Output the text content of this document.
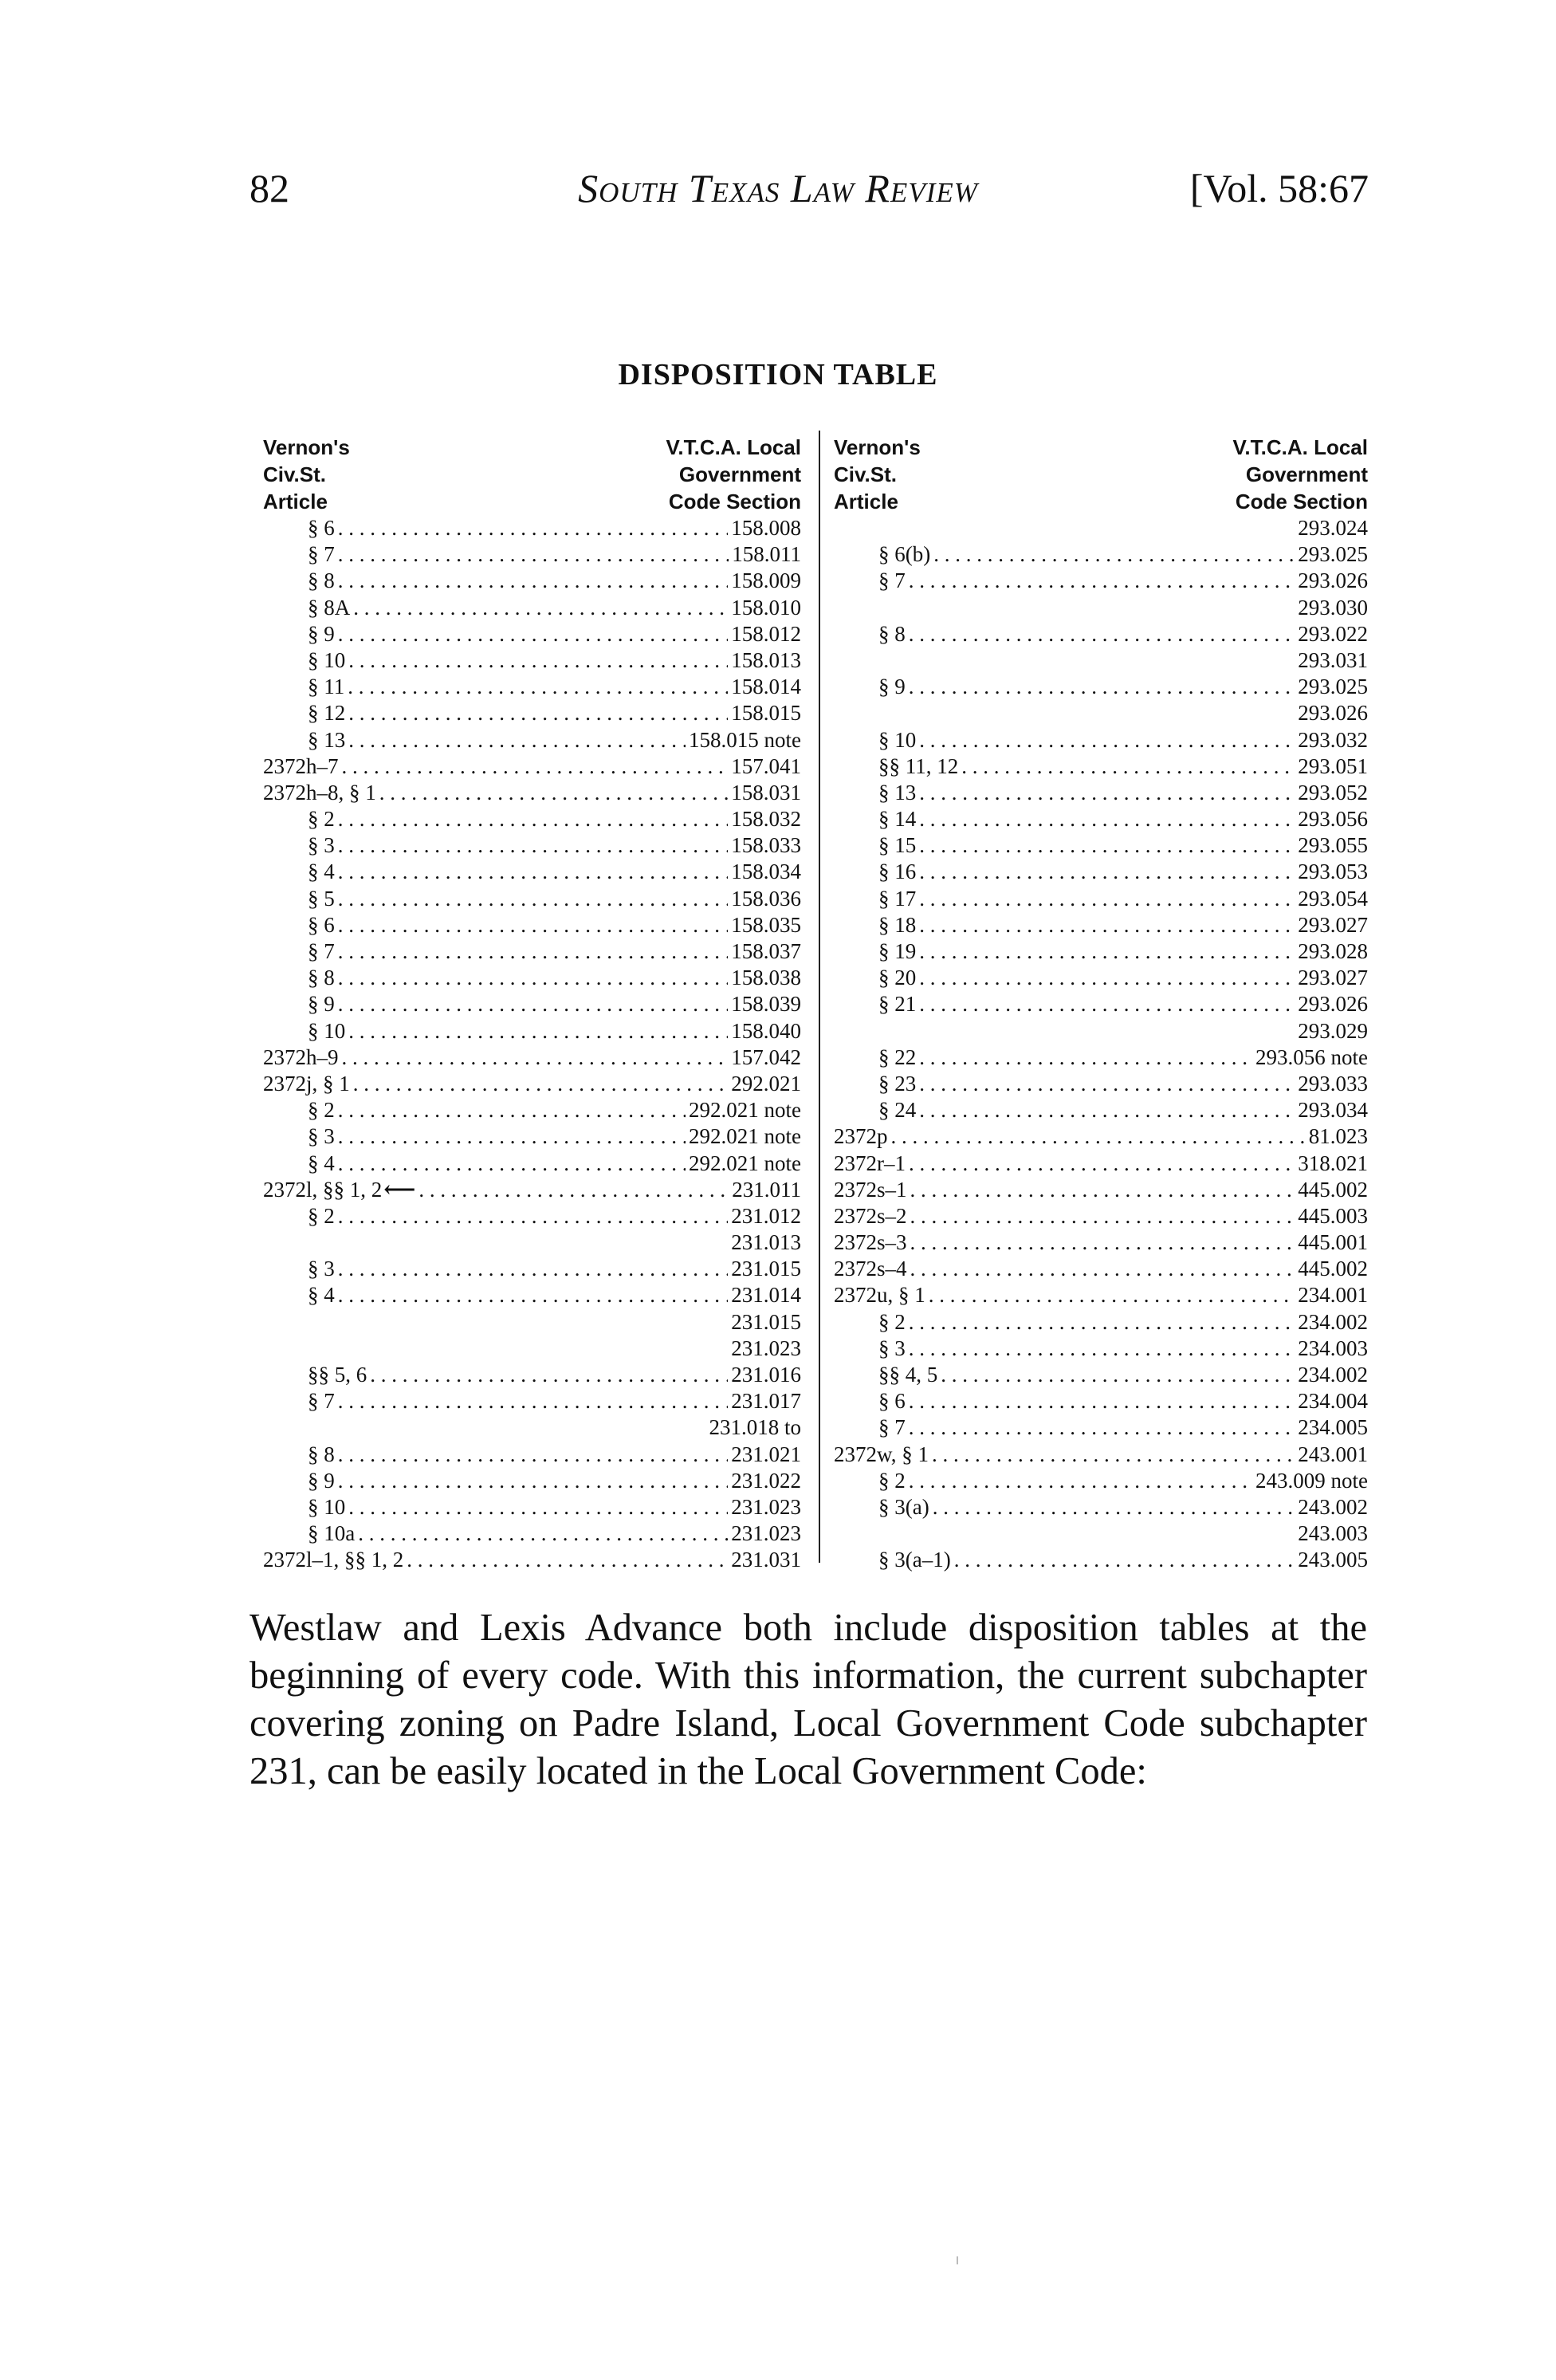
82	South Texas Law Review	[Vol. 58:67
DISPOSITION TABLE
Vernon's
Civ.St.
Article
V.T.C.A. Local
Government
Code Section
§ 6 . . .	158.008
§ 7 . . .	158.011
§ 8 . . .	158.009
§ 8A . . .	158.010
§ 9 . . .	158.012
§ 10 . . .	158.013
§ 11 . . .	158.014
§ 12 . . .	158.015
§ 13 . . .	158.015 note
2372h–7 . . .	157.041
2372h–8, § 1 . . .	158.031
§ 2 . . .	158.032
§ 3 . . .	158.033
§ 4 . . .	158.034
§ 5 . . .	158.036
§ 6 . . .	158.035
§ 7 . . .	158.037
§ 8 . . .	158.038
§ 9 . . .	158.039
§ 10 . . .	158.040
2372h–9 . . .	157.042
2372j, § 1 . . .	292.021
§ 2 . . .	292.021 note
§ 3 . . .	292.021 note
§ 4 . . .	292.021 note
2372l, §§ 1, 2 ⟵ . . .	231.011
§ 2 . . .	231.012
231.013
§ 3 . . .	231.015
§ 4 . . .	231.014
231.015
231.023
§§ 5, 6 . . .	231.016
§ 7 . . .	231.017
231.018 to
§ 8 . . .	231.021
§ 9 . . .	231.022
§ 10 . . .	231.023
§ 10a . . .	231.023
2372l–1, §§ 1, 2 . . .	231.031
Vernon's
Civ.St.
Article
V.T.C.A. Local
Government
Code Section
293.024
§ 6(b) . . .	293.025
§ 7 . . .	293.026
293.030
§ 8 . . .	293.022
293.031
§ 9 . . .	293.025
293.026
§ 10 . . .	293.032
§§ 11, 12 . . .	293.051
§ 13 . . .	293.052
§ 14 . . .	293.056
§ 15 . . .	293.055
§ 16 . . .	293.053
§ 17 . . .	293.054
§ 18 . . .	293.027
§ 19 . . .	293.028
§ 20 . . .	293.027
§ 21 . . .	293.026
293.029
§ 22 . . .	293.056 note
§ 23 . . .	293.033
§ 24 . . .	293.034
2372p . . .	81.023
2372r–1 . . .	318.021
2372s–1 . . .	445.002
2372s–2 . . .	445.003
2372s–3 . . .	445.001
2372s–4 . . .	445.002
2372u, § 1 . . .	234.001
§ 2 . . .	234.002
§ 3 . . .	234.003
§§ 4, 5 . . .	234.002
§ 6 . . .	234.004
§ 7 . . .	234.005
2372w, § 1 . . .	243.001
§ 2 . . .	243.009 note
§ 3(a) . . .	243.002
243.003
§ 3(a–1) . . .	243.005
Westlaw and Lexis Advance both include disposition tables at the beginning of every code. With this information, the current subchapter covering zoning on Padre Island, Local Government Code subchapter 231, can be easily located in the Local Government Code:
